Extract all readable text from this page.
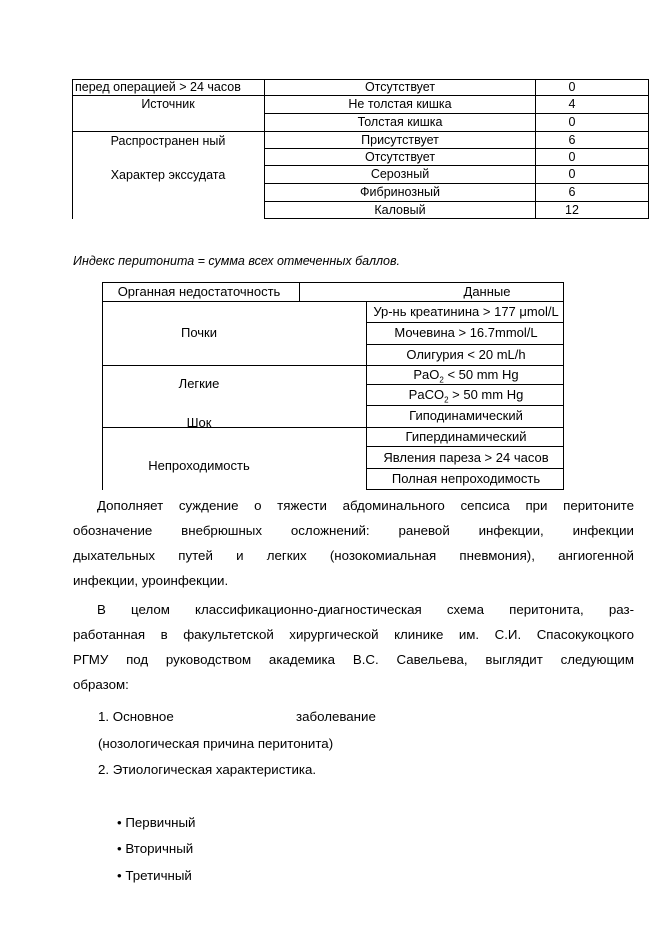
перед операцией > 24 часов
Источник
Распространен ный
Характер экссудата
Отсутствует
Не толстая кишка
Толстая кишка
Присутствует
Отсутствует
Серозный
Фибринозный
Каловый
0
4
0
6
0
0
6
12
Индекс перитонита = сумма всех отмеченных баллов.
Органная недостаточность	Данные
Почки
Легкие
Шок
Непроходимость
Ур-нь креатинина > 177 μmol/L
Мочевина > 16.7mmol/L
Олигурия < 20 mL/h
PaO$_2$ < 50 mm Hg
PaCO$_2$ > 50 mm Hg
Гиподинамический
Гипердинамический
Явления пареза > 24 часов
Полная непроходимость
Дополняет суждение о тяжести абдоминального сепсиса при перитоните
обозначение внебрюшных осложнений: раневой инфекции, инфекции
дыхательных путей и легких (нозокомиальная пневмония), ангиогенной
инфекции, уроинфекции.
В целом классификационно-диагностическая схема перитонита, раз-
работанная в факультетской хирургической клинике им. С.И. Спасокукоцкого
РГМУ под руководством академика В.С. Савельева, выглядит следующим
образом:
1. Основное	заболевание
(нозологическая причина перитонита)
2. Этиологическая характеристика.
• Первичный
• Вторичный
• Третичный
